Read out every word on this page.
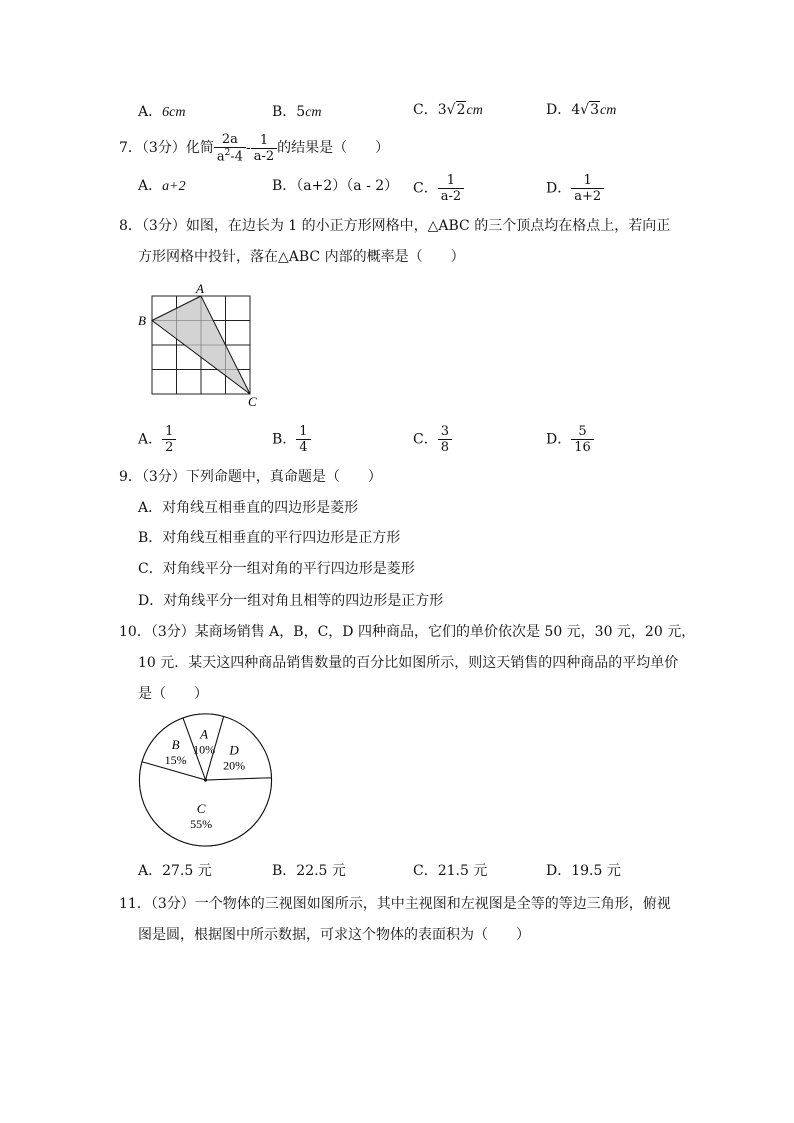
A．6cm	B．5cm	C．3√2cm	D．4√3cm
7．（3分）化简 $\frac{2a}{a^2-4} - \frac{1}{a-2}$ 的结果是（　　）
A．a+2	B．（a+2）（a - 2） C． $\frac{1}{a-2}$	D． $\frac{1}{a+2}$
8．（3分）如图，在边长为 1 的小正方形网格中，△ABC 的三个顶点均在格点上，若向正
方形网格中投针，落在△ABC 内部的概率是（　　）
A
B
C
A． $\frac{1}{2}$	B． $\frac{1}{4}$	C． $\frac{3}{8}$	D． $\frac{5}{16}$
9．（3分）下列命题中，真命题是（　　）
A．对角线互相垂直的四边形是菱形
B．对角线互相垂直的平行四边形是正方形
C．对角线平分一组对角的平行四边形是菱形
D．对角线平分一组对角且相等的四边形是正方形
10．（3分）某商场销售 A，B，C，D 四种商品，它们的单价依次是 50 元，30 元，20 元，
10 元．某天这四种商品销售数量的百分比如图所示，则这天销售的四种商品的平均单价
是（　　）
A
10%
B
15%
C
55%
D
20%
A．27.5 元	B．22.5 元	C．21.5 元	D．19.5 元
11．（3分）一个物体的三视图如图所示，其中主视图和左视图是全等的等边三角形，俯视
图是圆，根据图中所示数据，可求这个物体的表面积为（　　）
